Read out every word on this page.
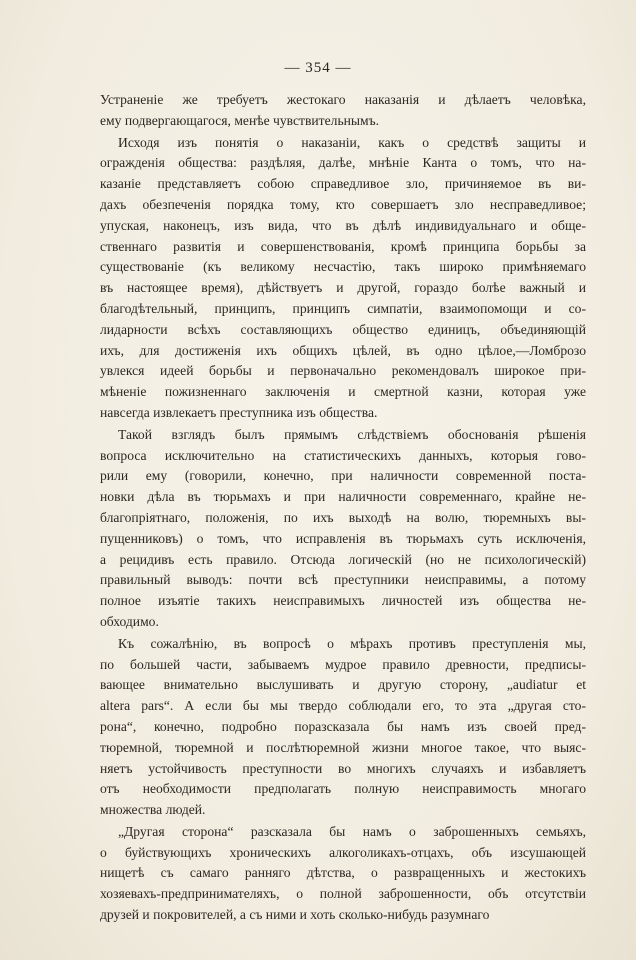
— 354 —
Устраненіе же требуетъ жестокаго наказанія и дѣлаетъ человѣка,
ему подвергающагося, менѣе чувствительнымъ.
Исходя изъ понятія о наказаніи, какъ о средствѣ защиты и
огражденія общества: раздѣляя, далѣе, мнѣніе Канта о томъ, что на-
казаніе представляетъ собою справедливое зло, причиняемое въ ви-
дахъ обезпеченія порядка тому, кто совершаетъ зло несправедливое;
упуская, наконецъ, изъ вида, что въ дѣлѣ индивидуальнаго и обще-
ственнаго развитія и совершенствованія, кромѣ принципа борьбы за
существованіе (къ великому несчастію, такъ широко примѣняемаго
въ настоящее время), дѣйствуетъ и другой, гораздо болѣе важный и
благодѣтельный, принципъ, принципъ симпатіи, взаимопомощи и со-
лидарности всѣхъ составляющихъ общество единицъ, объединяющій
ихъ, для достиженія ихъ общихъ цѣлей, въ одно цѣлое,—Ломброзо
увлекся идеей борьбы и первоначально рекомендовалъ широкое при-
мѣненіе пожизненнаго заключенія и смертной казни, которая уже
навсегда извлекаетъ преступника изъ общества.
Такой взглядъ былъ прямымъ слѣдствіемъ обоснованія рѣшенія
вопроса исключительно на статистическихъ данныхъ, которыя гово-
рили ему (говорили, конечно, при наличности современной поста-
новки дѣла въ тюрьмахъ и при наличности современнаго, крайне не-
благопріятнаго, положенія, по ихъ выходѣ на волю, тюремныхъ вы-
пущенниковъ) о томъ, что исправленія въ тюрьмахъ суть исключенія,
а рецидивъ есть правило. Отсюда логическій (но не психологическій)
правильный выводъ: почти всѣ преступники неисправимы, а потому
полное изъятіе такихъ неисправимыхъ личностей изъ общества не-
обходимо.
Къ сожалѣнію, въ вопросѣ о мѣрахъ противъ преступленія мы,
по большей части, забываемъ мудрое правило древности, предписы-
вающее внимательно выслушивать и другую сторону, „audiatur et
altera pars“. А если бы мы твердо соблюдали его, то эта „другая сто-
рона“, конечно, подробно поразсказала бы намъ изъ своей пред-
тюремной, тюремной и послѣтюремной жизни многое такое, что выяс-
няетъ устойчивость преступности во многихъ случаяхъ и избавляетъ
отъ необходимости предполагать полную неисправимость многаго
множества людей.
„Другая сторона“ разсказала бы намъ о заброшенныхъ семьяхъ,
о буйствующихъ хроническихъ алкоголикахъ-отцахъ, объ изсушающей
нищетѣ съ самаго ранняго дѣтства, о развращенныхъ и жестокихъ
хозяевахъ-предпринимателяхъ, о полной заброшенности, объ отсутствіи
друзей и покровителей, а съ ними и хоть сколько-нибудь разумнаго
